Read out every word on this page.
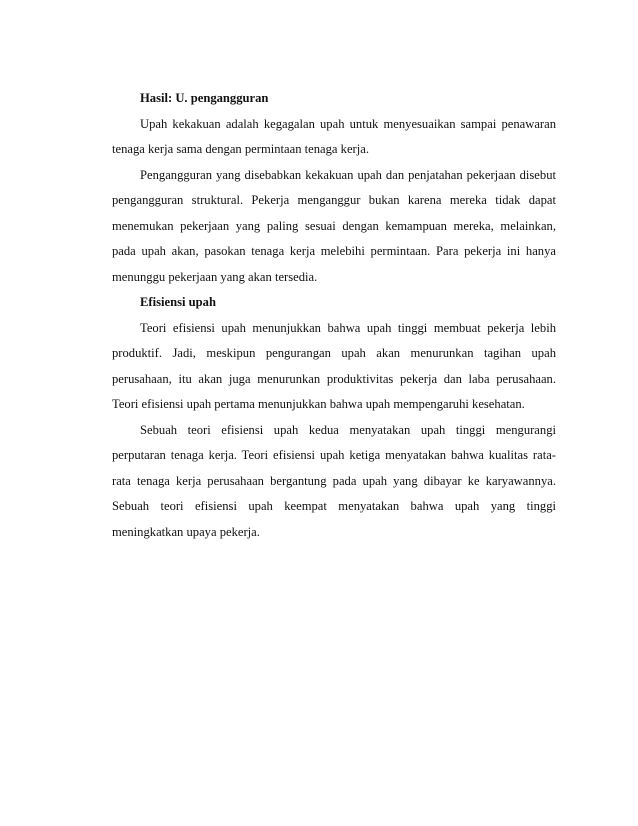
Hasil: U. pengangguran
Upah kekakuan adalah kegagalan upah untuk menyesuaikan sampai penawaran
tenaga kerja sama dengan permintaan tenaga kerja.
Pengangguran yang disebabkan kekakuan upah dan penjatahan pekerjaan disebut
pengangguran struktural. Pekerja menganggur bukan karena mereka tidak dapat
menemukan pekerjaan yang paling sesuai dengan kemampuan mereka, melainkan,
pada upah akan, pasokan tenaga kerja melebihi permintaan. Para pekerja ini hanya
menunggu pekerjaan yang akan tersedia.
Efisiensi upah
Teori efisiensi upah menunjukkan bahwa upah tinggi membuat pekerja lebih
produktif. Jadi, meskipun pengurangan upah akan menurunkan tagihan upah
perusahaan, itu akan juga menurunkan produktivitas pekerja dan laba perusahaan.
Teori efisiensi upah pertama menunjukkan bahwa upah mempengaruhi kesehatan.
Sebuah teori efisiensi upah kedua menyatakan upah tinggi mengurangi
perputaran tenaga kerja. Teori efisiensi upah ketiga menyatakan bahwa kualitas rata-
rata tenaga kerja perusahaan bergantung pada upah yang dibayar ke karyawannya.
Sebuah teori efisiensi upah keempat menyatakan bahwa upah yang tinggi
meningkatkan upaya pekerja.
